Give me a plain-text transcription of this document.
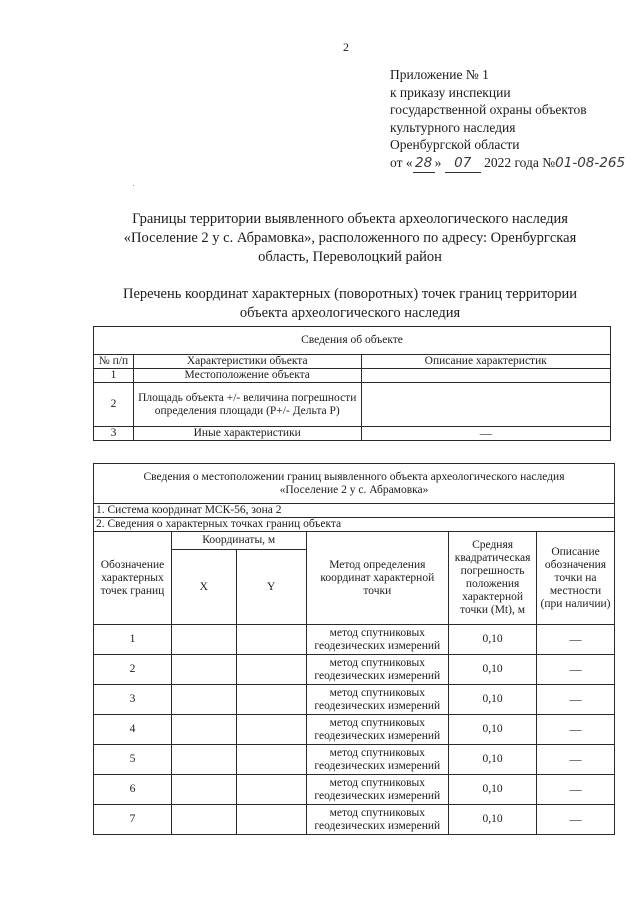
2
Приложение № 1
к приказу инспекции
государственной охраны объектов
культурного наследия
Оренбургской области
от « 28 » 07 2022 года №01-08-265
·
Границы территории выявленного объекта археологического наследия
«Поселение 2 у с. Абрамовка», расположенного по адресу: Оренбургская
область, Переволоцкий район
Перечень координат характерных (поворотных) точек границ территории
объекта археологического наследия
Сведения об объекте		
№ п/п	Характеристики объекта	Описание характеристик
1	Местоположение объекта	
2	Площадь объекта +/- величина погрешности определения площади (Р+/- Дельта Р)	
3	Иные характеристики	—
Сведения о местоположении границ выявленного объекта археологического наследия
«Поселение 2 у с. Абрамовка»					

1. Система координат МСК-56, зона 2					
2. Сведения о характерных точках границ объекта					
Обозначение характерных точек границ	Координаты, м		Метод определения координат характерной точки	Средняя квадратическая погрешность положения характерной точки (Mt), м	Описание обозначения точки на местности (при наличии)
	X	Y			
1			метод спутниковых геодезических измерений	0,10	—
2			метод спутниковых геодезических измерений	0,10	—
3			метод спутниковых геодезических измерений	0,10	—
4			метод спутниковых геодезических измерений	0,10	—
5			метод спутниковых геодезических измерений	0,10	—
6			метод спутниковых геодезических измерений	0,10	—
7			метод спутниковых геодезических измерений	0,10	—
